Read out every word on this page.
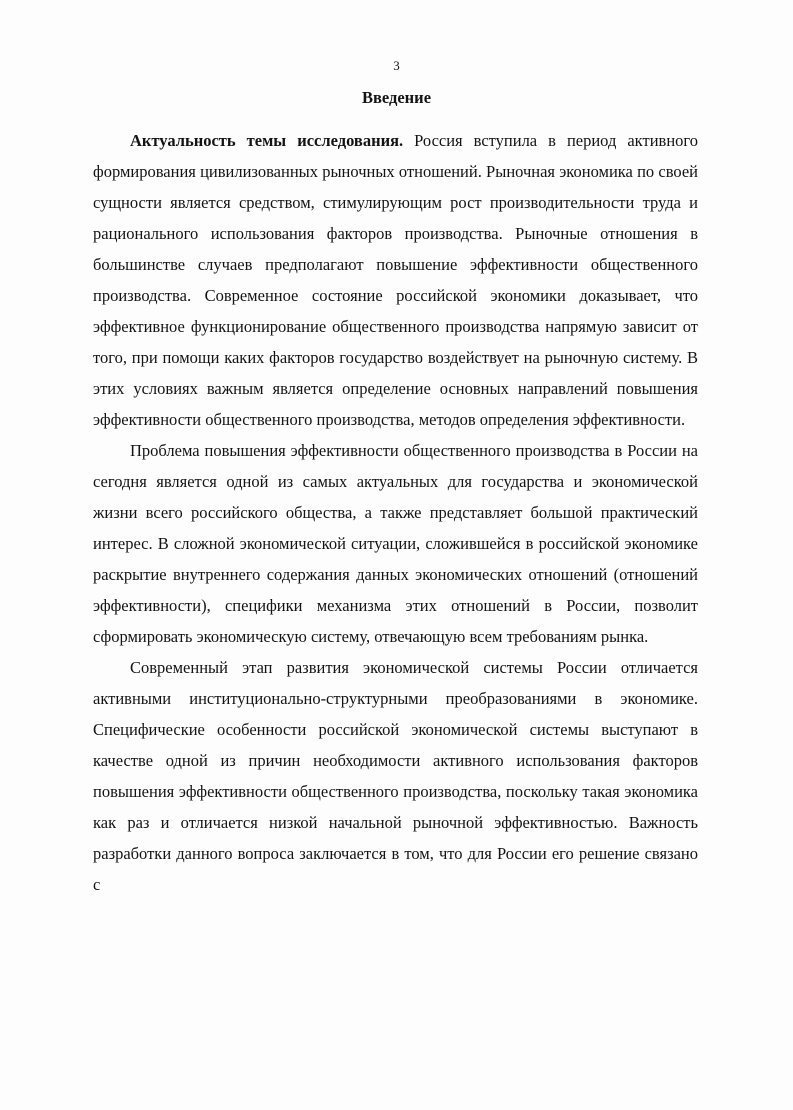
3
Введение

Актуальность темы исследования. Россия вступила в период активного формирования цивилизованных рыночных отношений. Рыночная экономика по своей сущности является средством, стимулирующим рост производительности труда и рационального использования факторов производства. Рыночные отношения в большинстве случаев предполагают повышение эффективности общественного производства. Современное состояние российской экономики доказывает, что эффективное функционирование общественного производства напрямую зависит от того, при помощи каких факторов государство воздействует на рыночную систему. В этих условиях важным является определение основных направлений повышения эффективности общественного производства, методов определения эффективности.

Проблема повышения эффективности общественного производства в России на сегодня является одной из самых актуальных для государства и экономической жизни всего российского общества, а также представляет большой практический интерес. В сложной экономической ситуации, сложившейся в российской экономике раскрытие внутреннего содержания данных экономических отношений (отношений эффективности), специфики механизма этих отношений в России, позволит сформировать экономическую систему, отвечающую всем требованиям рынка.

Современный этап развития экономической системы России отличается активными институционально-структурными преобразованиями в экономике. Специфические особенности российской экономической системы выступают в качестве одной из причин необходимости активного использования факторов повышения эффективности общественного производства, поскольку такая экономика как раз и отличается низкой начальной рыночной эффективностью. Важность разработки данного вопроса заключается в том, что для России его решение связано с
